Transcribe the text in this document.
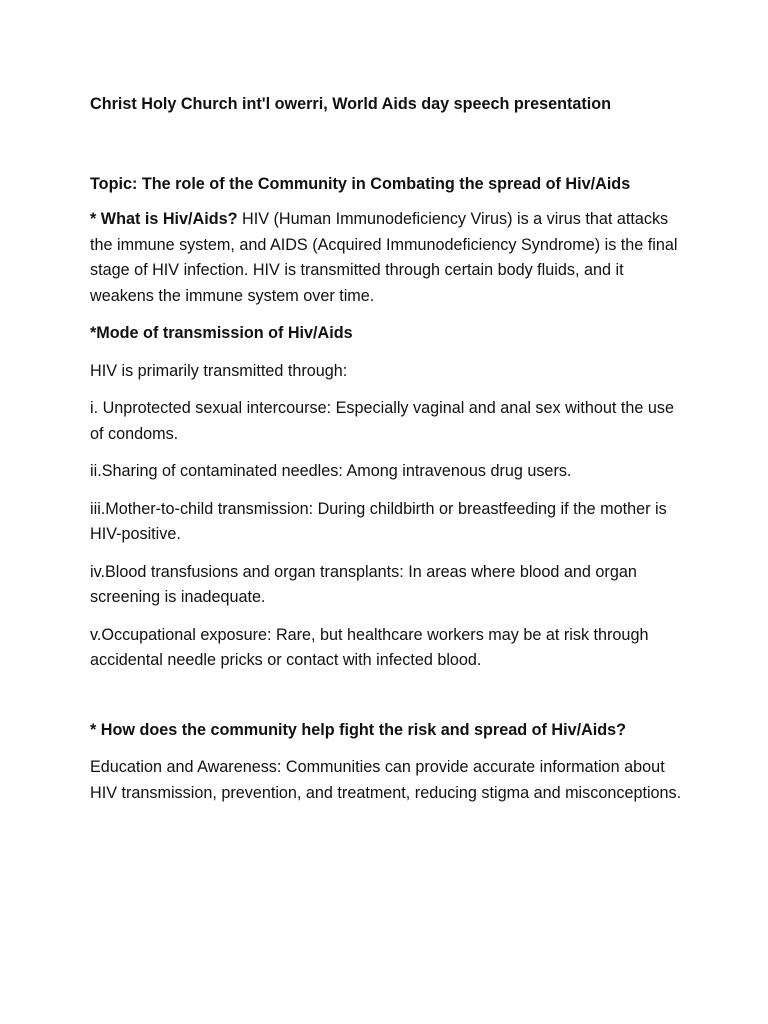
Christ Holy Church int'l owerri, World Aids day speech presentation

Topic: The role of the Community in Combating the spread of Hiv/Aids

* What is Hiv/Aids? HIV (Human Immunodeficiency Virus) is a virus that attacks the immune system, and AIDS (Acquired Immunodeficiency Syndrome) is the final stage of HIV infection. HIV is transmitted through certain body fluids, and it weakens the immune system over time.

*Mode of transmission of Hiv/Aids

HIV is primarily transmitted through:

i. Unprotected sexual intercourse: Especially vaginal and anal sex without the use of condoms.

ii.Sharing of contaminated needles: Among intravenous drug users.

iii.Mother-to-child transmission: During childbirth or breastfeeding if the mother is HIV-positive.

iv.Blood transfusions and organ transplants: In areas where blood and organ screening is inadequate.

v.Occupational exposure: Rare, but healthcare workers may be at risk through accidental needle pricks or contact with infected blood.

* How does the community help fight the risk and spread of Hiv/Aids?

Education and Awareness: Communities can provide accurate information about HIV transmission, prevention, and treatment, reducing stigma and misconceptions.
